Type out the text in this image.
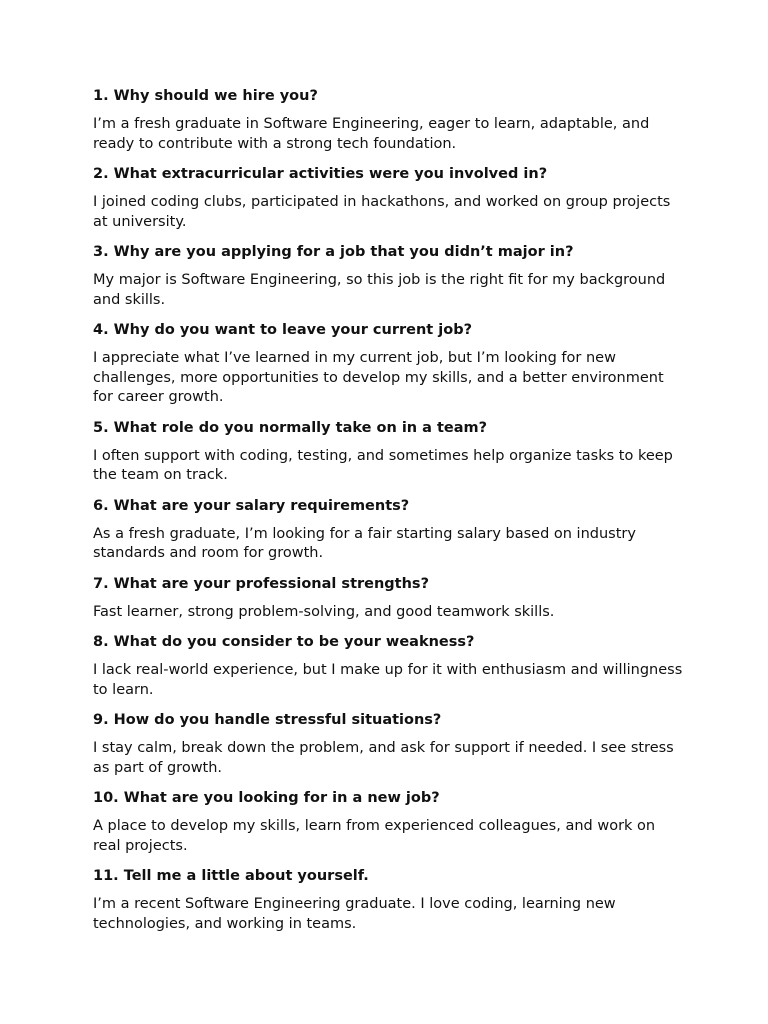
1. Why should we hire you?

I’m a fresh graduate in Software Engineering, eager to learn, adaptable, and ready to contribute with a strong tech foundation.

2. What extracurricular activities were you involved in?

I joined coding clubs, participated in hackathons, and worked on group projects at university.

3. Why are you applying for a job that you didn’t major in?

My major is Software Engineering, so this job is the right fit for my background and skills.

4. Why do you want to leave your current job?

I appreciate what I’ve learned in my current job, but I’m looking for new challenges, more opportunities to develop my skills, and a better environment for career growth.

5. What role do you normally take on in a team?

I often support with coding, testing, and sometimes help organize tasks to keep the team on track.

6. What are your salary requirements?

As a fresh graduate, I’m looking for a fair starting salary based on industry standards and room for growth.

7. What are your professional strengths?

Fast learner, strong problem-solving, and good teamwork skills.

8. What do you consider to be your weakness?

I lack real-world experience, but I make up for it with enthusiasm and willingness to learn.

9. How do you handle stressful situations?

I stay calm, break down the problem, and ask for support if needed. I see stress as part of growth.

10. What are you looking for in a new job?

A place to develop my skills, learn from experienced colleagues, and work on real projects.

11. Tell me a little about yourself.

I’m a recent Software Engineering graduate. I love coding, learning new technologies, and working in teams.
